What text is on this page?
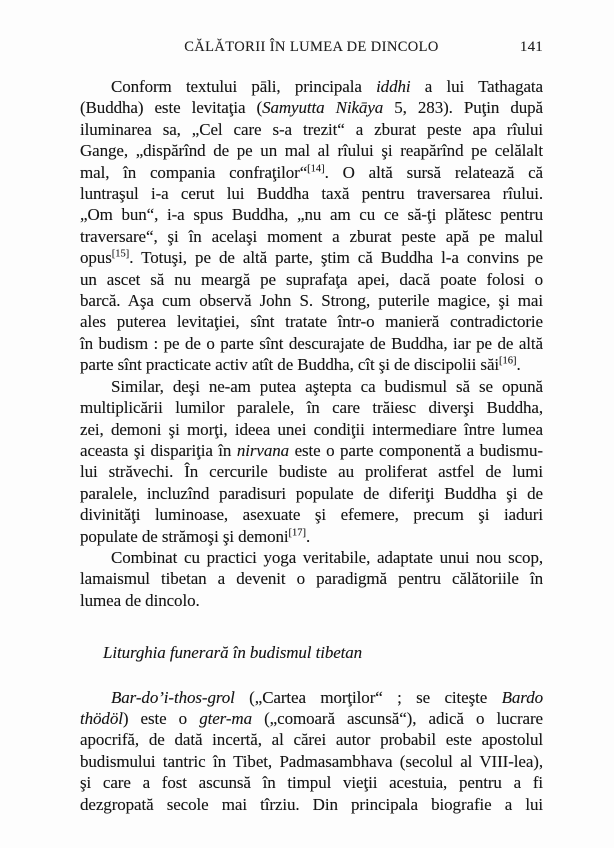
CĂLĂTORII ÎN LUMEA DE DINCOLO	141

Conform textului pāli, principala iddhi a lui Tathagata
(Buddha) este levitaţia (Samyutta Nikāya 5, 283). Puţin după
iluminarea sa, „Cel care s-a trezit“ a zburat peste apa rîului
Gange, „dispărînd de pe un mal al rîului şi reapărînd pe celălalt
mal, în compania confraţilor“[14]. O altă sursă relatează că
luntraşul i-a cerut lui Buddha taxă pentru traversarea rîului.
„Om bun“, i-a spus Buddha, „nu am cu ce să-ţi plătesc pentru
traversare“, şi în acelaşi moment a zburat peste apă pe malul
opus[15]. Totuşi, pe de altă parte, ştim că Buddha l-a convins pe
un ascet să nu meargă pe suprafaţa apei, dacă poate folosi o
barcă. Aşa cum observă John S. Strong, puterile magice, şi mai
ales puterea levitaţiei, sînt tratate într-o manieră contradictorie
în budism : pe de o parte sînt descurajate de Buddha, iar pe de altă
parte sînt practicate activ atît de Buddha, cît şi de discipolii săi[16].

Similar, deşi ne-am putea aştepta ca budismul să se opună
multiplicării lumilor paralele, în care trăiesc diverşi Buddha,
zei, demoni şi morţi, ideea unei condiţii intermediare între lumea
aceasta şi dispariţia în nirvana este o parte componentă a budismu-
lui străvechi. În cercurile budiste au proliferat astfel de lumi
paralele, incluzînd paradisuri populate de diferiţi Buddha şi de
divinităţi luminoase, asexuate şi efemere, precum şi iaduri
populate de strămoşi şi demoni[17].

Combinat cu practici yoga veritabile, adaptate unui nou scop,
lamaismul tibetan a devenit o paradigmă pentru călătoriile în
lumea de dincolo.

Liturghia funerară în budismul tibetan

Bar-do’i-thos-grol („Cartea morţilor“ ; se citeşte Bardo
thödöl) este o gter-ma („comoară ascunsă“), adică o lucrare
apocrifă, de dată incertă, al cărei autor probabil este apostolul
budismului tantric în Tibet, Padmasambhava (secolul al VIII-lea),
şi care a fost ascunsă în timpul vieţii acestuia, pentru a fi
dezgropată secole mai tîrziu. Din principala biografie a lui
